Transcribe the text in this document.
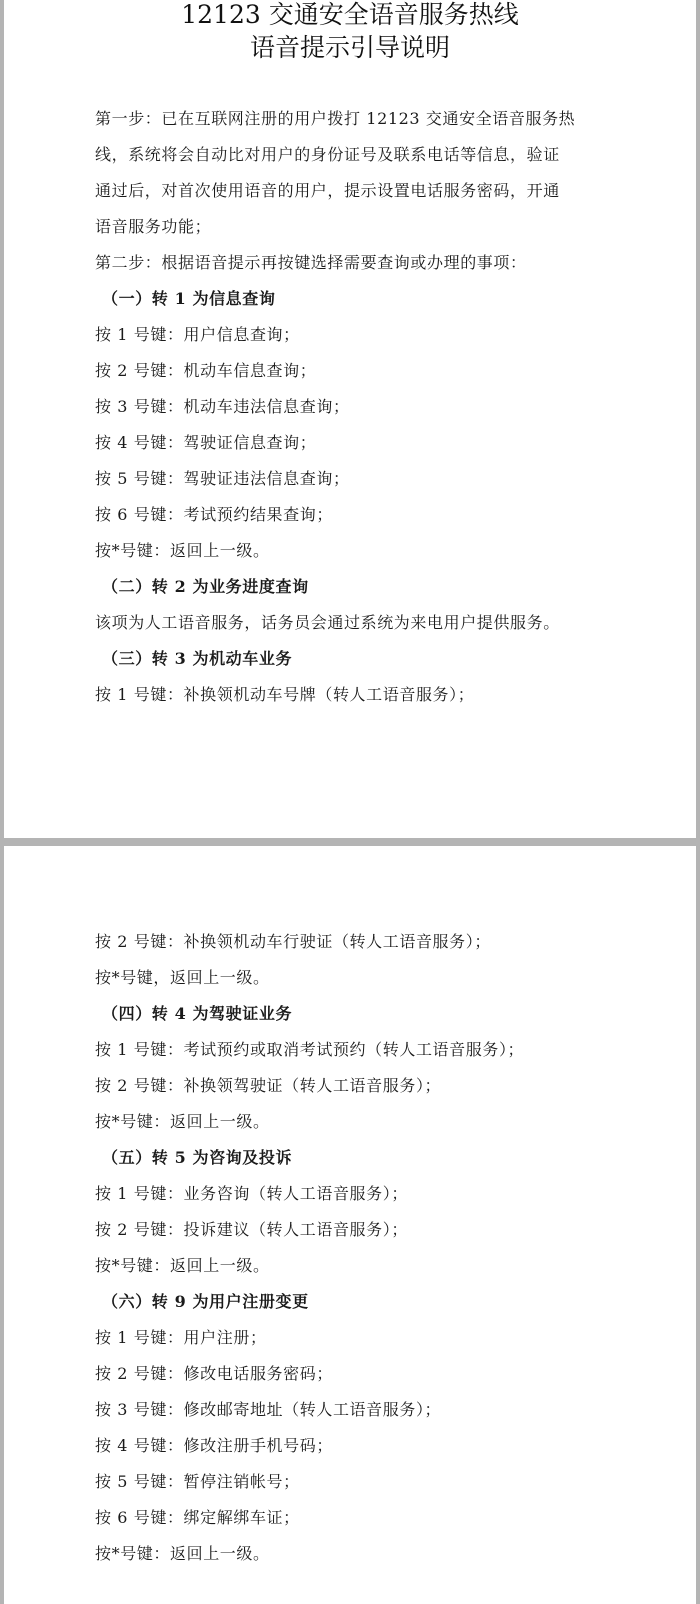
12123 交通安全语音服务热线
语音提示引导说明
第一步：已在互联网注册的用户拨打 12123 交通安全语音服务热
线，系统将会自动比对用户的身份证号及联系电话等信息，验证
通过后，对首次使用语音的用户，提示设置电话服务密码，开通
语音服务功能；
第二步：根据语音提示再按键选择需要查询或办理的事项：
（一）转 1 为信息查询
按 1 号键：用户信息查询；
按 2 号键：机动车信息查询；
按 3 号键：机动车违法信息查询；
按 4 号键：驾驶证信息查询；
按 5 号键：驾驶证违法信息查询；
按 6 号键：考试预约结果查询；
按*号键：返回上一级。
（二）转 2 为业务进度查询
该项为人工语音服务，话务员会通过系统为来电用户提供服务。
（三）转 3 为机动车业务
按 1 号键：补换领机动车号牌（转人工语音服务）；
按 2 号键：补换领机动车行驶证（转人工语音服务）；
按*号键，返回上一级。
（四）转 4 为驾驶证业务
按 1 号键：考试预约或取消考试预约（转人工语音服务）；
按 2 号键：补换领驾驶证（转人工语音服务）；
按*号键：返回上一级。
（五）转 5 为咨询及投诉
按 1 号键：业务咨询（转人工语音服务）；
按 2 号键：投诉建议（转人工语音服务）；
按*号键：返回上一级。
（六）转 9 为用户注册变更
按 1 号键：用户注册；
按 2 号键：修改电话服务密码；
按 3 号键：修改邮寄地址（转人工语音服务）；
按 4 号键：修改注册手机号码；
按 5 号键：暂停注销帐号；
按 6 号键：绑定解绑车证；
按*号键：返回上一级。
